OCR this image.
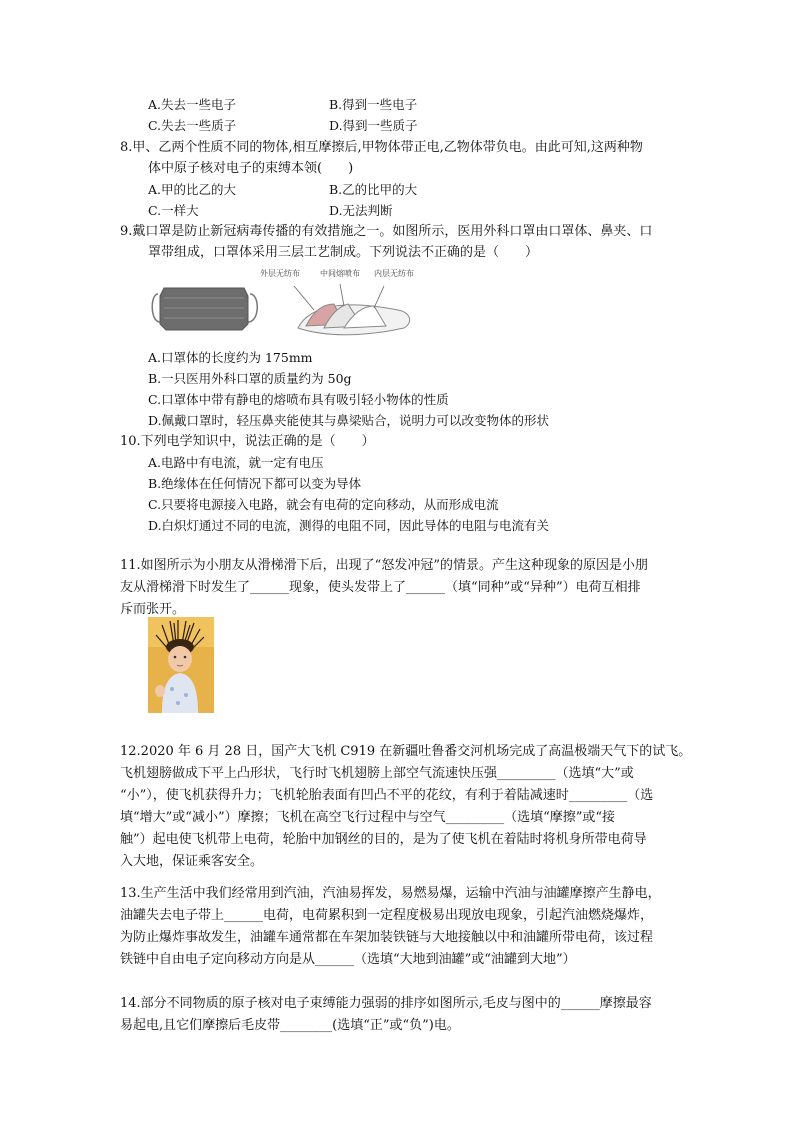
A.失去一些电子	B.得到一些电子
C.失去一些质子	D.得到一些质子
8.甲、乙两个性质不同的物体,相互摩擦后,甲物体带正电,乙物体带负电。由此可知,这两种物
体中原子核对电子的束缚本领(　　)
A.甲的比乙的大	B.乙的比甲的大
C.一样大	D.无法判断
9.戴口罩是防止新冠病毒传播的有效措施之一。如图所示，医用外科口罩由口罩体、鼻夹、口
罩带组成，口罩体采用三层工艺制成。下列说法不正确的是（　　）
外层无纺布	中间熔喷布 内层无纺布
A.口罩体的长度约为 175mm
B.一只医用外科口罩的质量约为 50g
C.口罩体中带有静电的熔喷布具有吸引轻小物体的性质
D.佩戴口罩时，轻压鼻夹能使其与鼻梁贴合，说明力可以改变物体的形状
10.下列电学知识中，说法正确的是（　　）
A.电路中有电流，就一定有电压
B.绝缘体在任何情况下都可以变为导体
C.只要将电源接入电路，就会有电荷的定向移动，从而形成电流
D.白炽灯通过不同的电流，测得的电阻不同，因此导体的电阻与电流有关
11.如图所示为小朋友从滑梯滑下后，出现了“怒发冲冠”的情景。产生这种现象的原因是小朋
友从滑梯滑下时发生了______现象，使头发带上了______（填“同种”或“异种”）电荷互相排
斥而张开。
12.2020 年 6 月 28 日，国产大飞机 C919 在新疆吐鲁番交河机场完成了高温极端天气下的试飞。
飞机翅膀做成下平上凸形状，飞行时飞机翅膀上部空气流速快压强_________（选填“大”或
“小”），使飞机获得升力；飞机轮胎表面有凹凸不平的花纹，有利于着陆减速时_________（选
填“增大”或“减小”）摩擦；飞机在高空飞行过程中与空气_________（选填“摩擦”或“接
触”）起电使飞机带上电荷，轮胎中加钢丝的目的，是为了使飞机在着陆时将机身所带电荷导
入大地，保证乘客安全。
13.生产生活中我们经常用到汽油，汽油易挥发，易燃易爆，运输中汽油与油罐摩擦产生静电，
油罐失去电子带上______电荷，电荷累积到一定程度极易出现放电现象，引起汽油燃烧爆炸，
为防止爆炸事故发生，油罐车通常都在车架加装铁链与大地接触以中和油罐所带电荷，该过程
铁链中自由电子定向移动方向是从______（选填“大地到油罐”或“油罐到大地”）
14.部分不同物质的原子核对电子束缚能力强弱的排序如图所示,毛皮与图中的______摩擦最容
易起电,且它们摩擦后毛皮带________(选填“正”或“负”)电。
